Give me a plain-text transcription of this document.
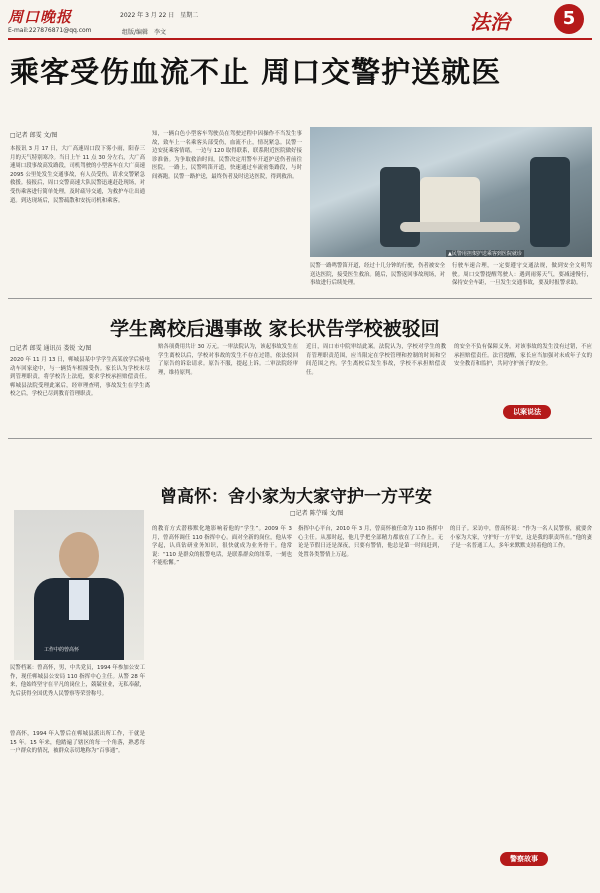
周口晚报	2022 年 3 月 22 日　星期二
E-mail:227876871@qq.com	组版/编辑　李文	法治	5
乘客受伤血流不止 周口交警护送就医
□记者 郎雯 文/图
本报讯 3 月 17 日，大广高速周口段下雾小雨，阳春三月的天气特别寒冷。当日上午 11 点 30 分左右，大广高速周口段事故高发路段，司机驾驶的小型客车在大广高速 2095 公里处发生交通事故，有人员受伤，请求交警紧急救援。接报后，周口交警高速大队民警迅速赶赴现场，对受伤乘客进行简单处理，及时疏导交通，为救护车让出通道。到达现场后，民警疏散和安抚司机和乘客。
知，一辆白色小型客车驾驶员在驾驶过程中因操作不当发生事故，致车上一名乘客头部受伤，血流不止，情况紧急。民警一边安抚乘客情绪，一边与 120 取得联系，联系附近医院做好接诊准备。为争取救治时间，民警决定用警车开道护送伤者前往医院。一路上，民警鸣笛开道，快速通过车流密集路段，与时间赛跑。民警一路护送，最终伤者及时送达医院，得到救治。
▲民警用担架护送乘客到医院就诊
民警一路鸣警笛开道，经过十几分钟的行驶，伤者被安全送达医院，接受医生救治。随后，民警返回事故现场，对事故进行后续处理。
行驶车速合理，一定要遵守交通法规，做到安全文明驾驶。周口交警提醒驾驶人：遇到雨雾天气，要减速慢行，保持安全车距，一旦发生交通事故，要及时报警求助。
学生离校后遇事故 家长状告学校被驳回
□记者 郎雯 通讯员 娄锐 文/图
2020 年 11 月 13 日，郸城县某中学学生高某放学后骑电动车回家途中，与一辆货车相撞受伤。家长认为学校未尽到管理职责，将学校告上法庭，要求学校承担赔偿责任。郸城县法院受理此案后，经审理查明，事故发生在学生离校之后，学校已尽到教育管理职责。
赔各项费用共计 30 万元。一审法院认为，该起事故发生在学生离校以后，学校对事故的发生不存在过错，依法驳回了原告的诉讼请求。原告不服，提起上诉。二审法院经审理，维持原判。
近日，周口市中院审结此案。法院认为，学校对学生的教育管理职责范围，应当限定在学校管理和控制的时间和空间范围之内。学生离校后发生事故，学校不承担赔偿责任。
的安全不负有保障义务。对该事故的发生没有过错，不应承担赔偿责任。法官提醒，家长应当加强对未成年子女的安全教育和监护，共同守护孩子的安全。
以案说法
曾高怀：舍小家为大家守护一方平安
□记者 陈苧瑶 文/图
工作中的曾高怀
民警档案：曾高怀，男，中共党员，1994 年参加公安工作，现任郸城县公安局 110 指挥中心主任。从警 28 年来，他始终坚守在平凡的岗位上，兢兢业业，无私奉献，先后获得全国优秀人民警察等荣誉称号。
曾高怀，1994 年入警后在郸城县派出所工作，干就是 15 年。15 年来，他踏遍了辖区的每一个角落，熟悉每一户群众的情况，被群众亲切地称为“百事通”。
的教育方式潜移默化地影响着他的“学生”。2009 年 3 月，曾高怀调任 110 指挥中心。面对全新的岗位，他从零学起，认真钻研业务知识，很快就成为业务骨干。他常说：“110 是群众的报警电话，是联系群众的纽带，一刻也不能松懈。”
指挥中心平台，2010 年 3 月，曾高怀被任命为 110 指挥中心主任。从那时起，他几乎把全部精力都放在了工作上。无论是节假日还是深夜，只要有警情，他总是第一时间赶到，处置各类警情上万起。
的日子。采访中，曾高怀说：“作为一名人民警察，就要舍小家为大家，守护好一方平安，这是我的职责所在。”他的妻子是一名普通工人，多年来默默支持着他的工作。
警察故事
